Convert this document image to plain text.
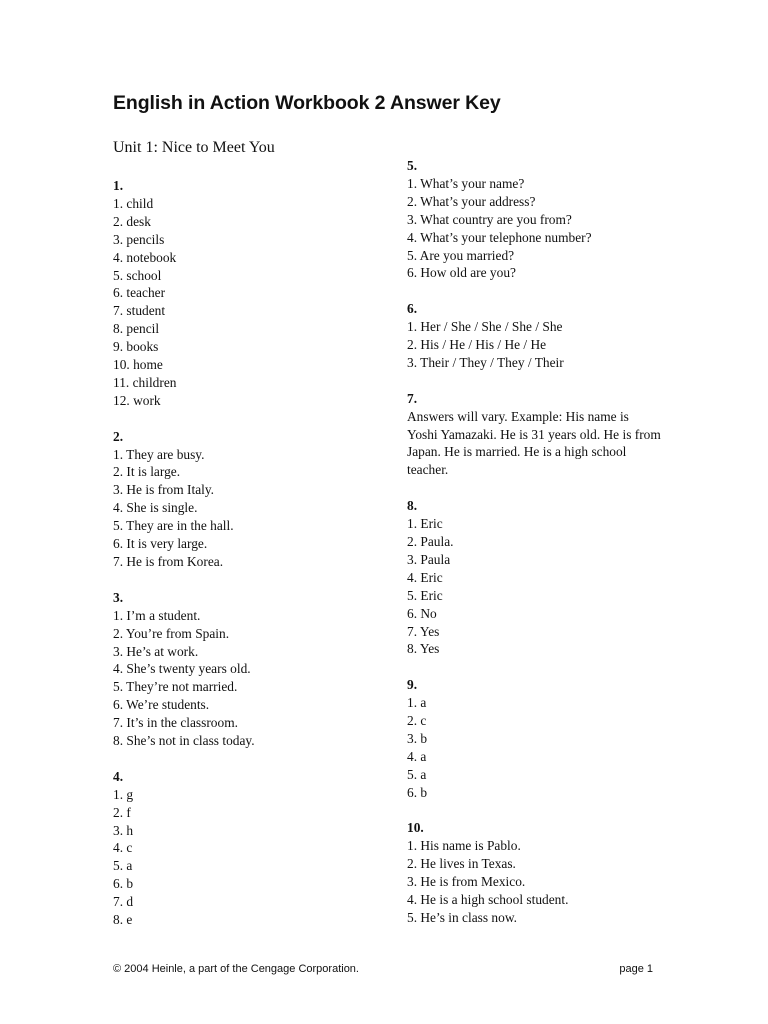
English in Action Workbook 2 Answer Key
Unit 1: Nice to Meet You
1.
1. child
2. desk
3. pencils
4. notebook
5. school
6. teacher
7. student
8. pencil
9. books
10. home
11. children
12. work
2.
1. They are busy.
2. It is large.
3. He is from Italy.
4. She is single.
5. They are in the hall.
6. It is very large.
7. He is from Korea.
3.
1. I’m a student.
2. You’re from Spain.
3. He’s at work.
4. She’s twenty years old.
5. They’re not married.
6. We’re students.
7. It’s in the classroom.
8. She’s not in class today.
4.
1. g
2. f
3. h
4. c
5. a
6. b
7. d
8. e
5.
1. What’s your name?
2. What’s your address?
3. What country are you from?
4. What’s your telephone number?
5. Are you married?
6. How old are you?
6.
1. Her / She / She / She / She
2. His / He / His / He / He
3. Their / They / They / Their
7.
Answers will vary. Example: His name is Yoshi Yamazaki. He is 31 years old. He is from Japan. He is married. He is a high school teacher.
8.
1. Eric
2. Paula.
3. Paula
4. Eric
5. Eric
6. No
7. Yes
8. Yes
9.
1. a
2. c
3. b
4. a
5. a
6. b
10.
1. His name is Pablo.
2. He lives in Texas.
3. He is from Mexico.
4. He is a high school student.
5. He’s in class now.
© 2004 Heinle, a part of the Cengage Corporation.	page 1
